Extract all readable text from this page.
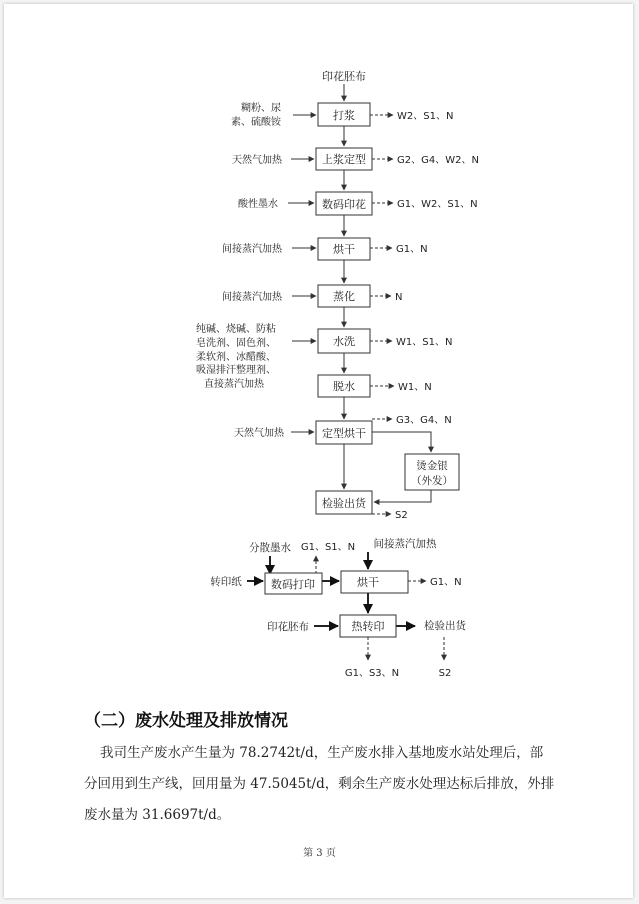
印花胚布
打浆
糊粉、尿
素、硫酸铵
W2、S1、N
上浆定型
天然气加热	G2、G4、W2、N
数码印花
酸性墨水	G1、W2、S1、N
烘干
间接蒸汽加热	G1、N
蒸化
间接蒸汽加热	N
水洗
纯碱、烧碱、防粘
皂洗剂、固色剂、
柔软剂、冰醋酸、
吸湿排汗整理剂、
直接蒸汽加热
W1、S1、N
脱水	W1、N
定型烘干
天然气加热
G3、G4、N
烫金银
（外发）
检验出货
S2
分散墨水 G1、S1、N
转印纸	数码打印
间接蒸汽加热
烘干	G1、N
印花胚布	热转印	检验出货
G1、S3、N	S2
（二）废水处理及排放情况
我司生产废水产生量为 78.2742t/d，生产废水排入基地废水站处理后，部
分回用到生产线，回用量为 47.5045t/d，剩余生产废水处理达标后排放，外排
废水量为 31.6697t/d。
第 3 页
